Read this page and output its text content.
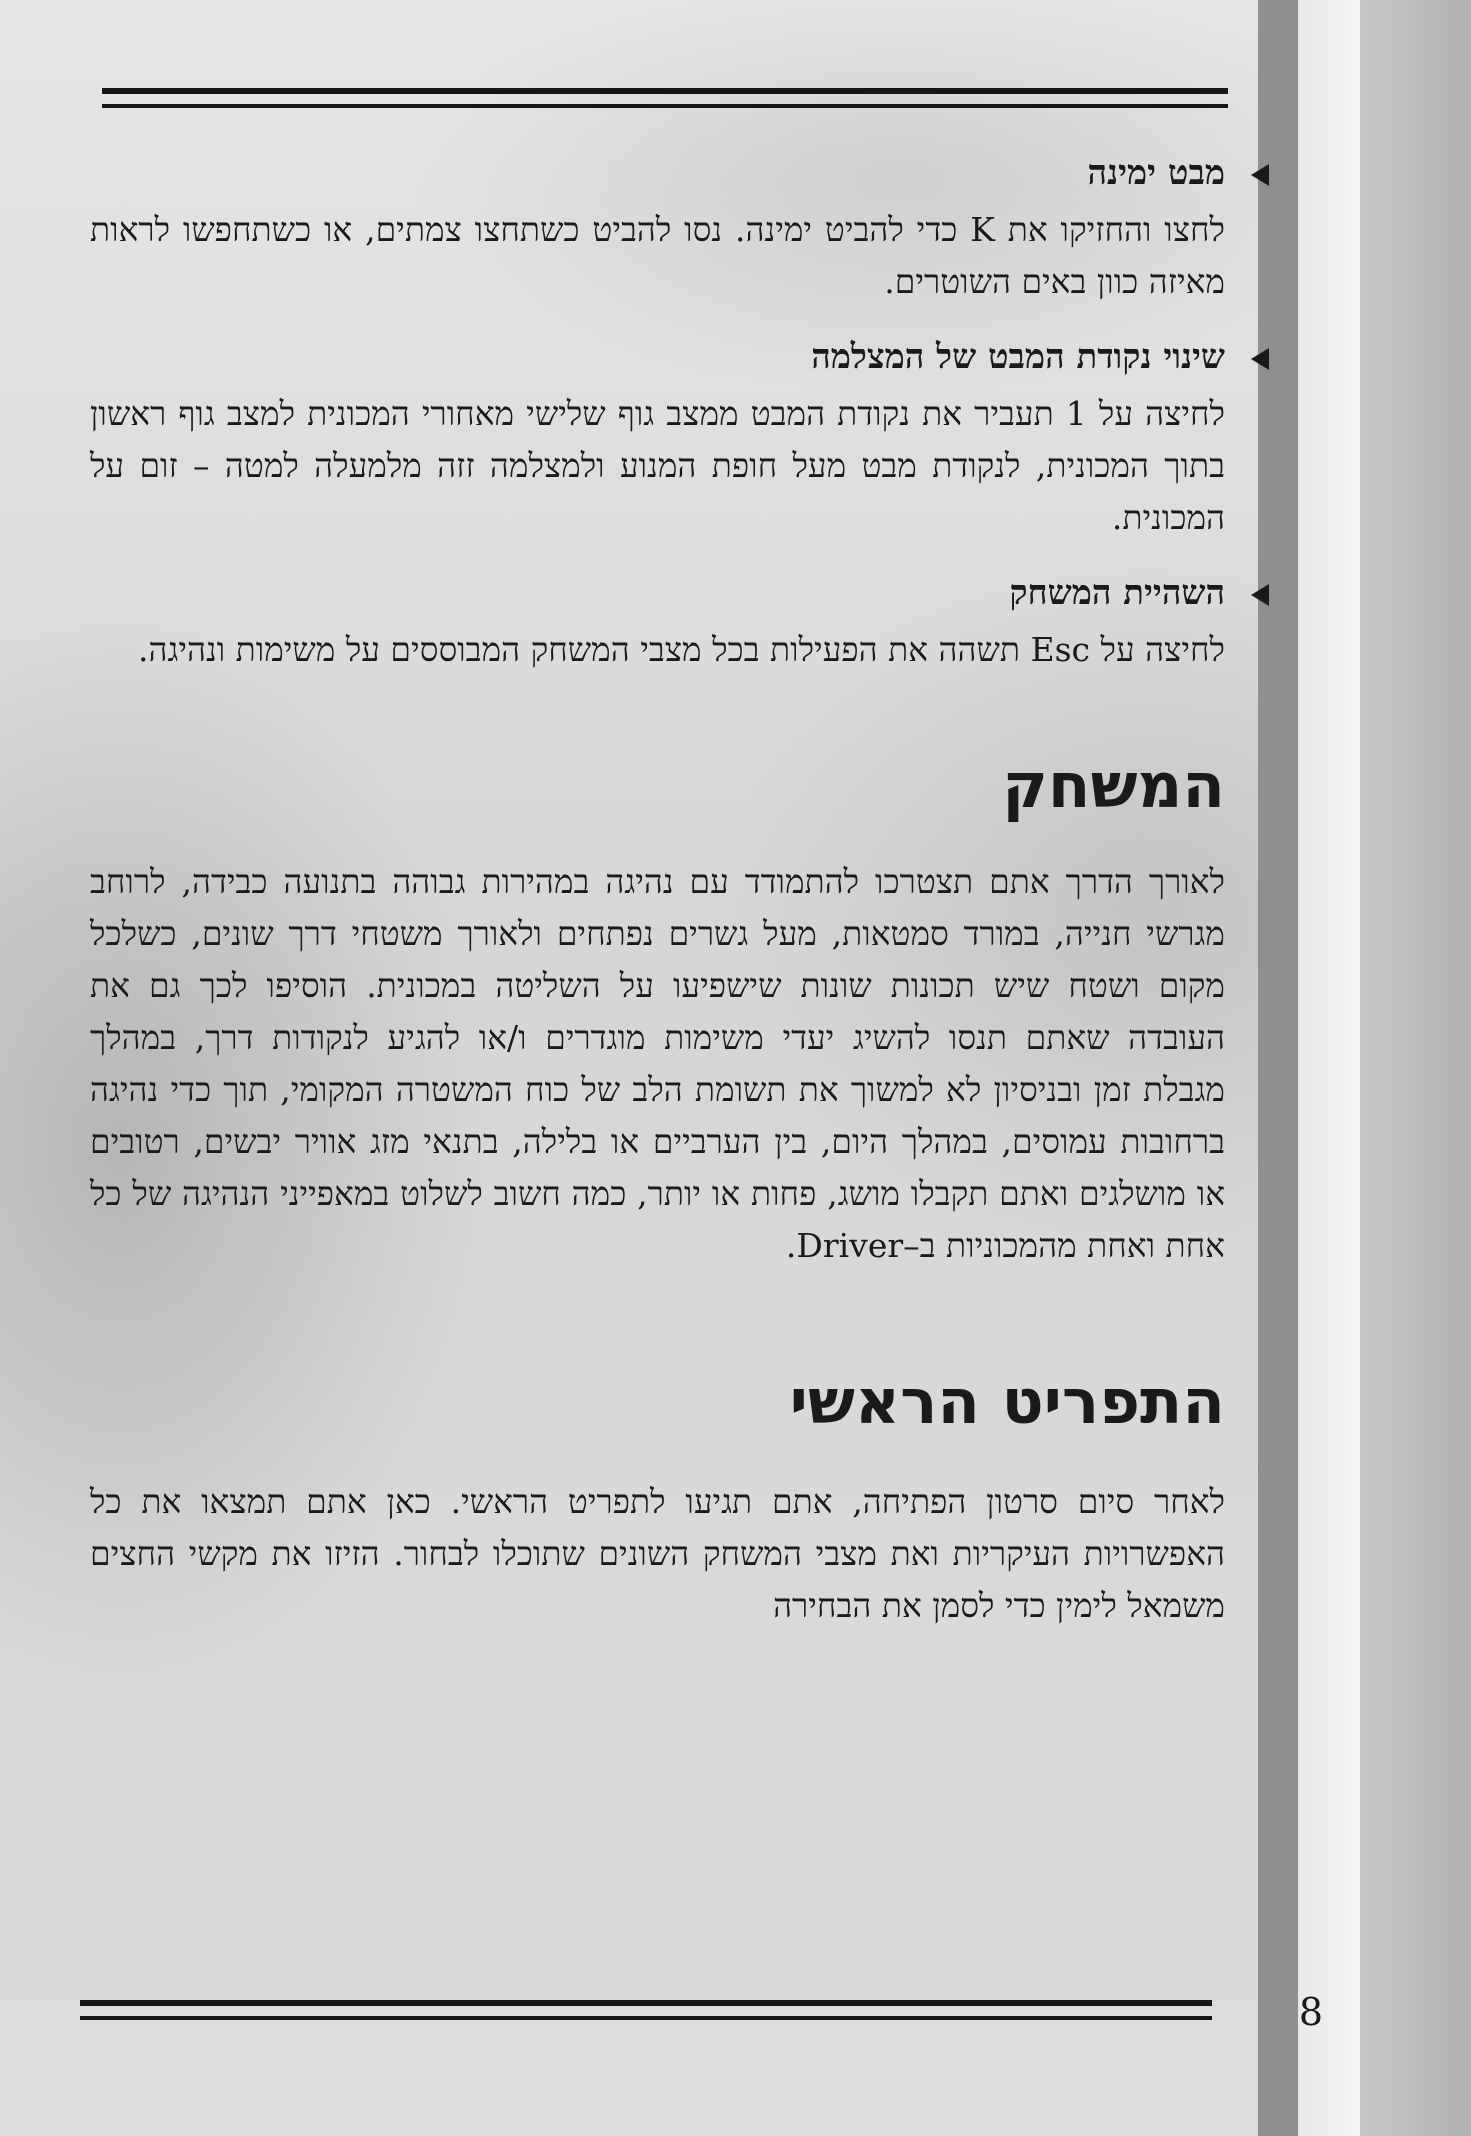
מבט ימינה

לחצו והחזיקו את K כדי להביט ימינה. נסו להביט כשתחצו צמתים, או כשתחפשו לראות מאיזה כוון באים השוטרים.

שינוי נקודת המבט של המצלמה

לחיצה על 1 תעביר את נקודת המבט ממצב גוף שלישי מאחורי המכונית למצב גוף ראשון בתוך המכונית, לנקודת מבט מעל חופת המנוע ולמצלמה זזה מלמעלה למטה – זום על המכונית.

השהיית המשחק

לחיצה על Esc תשהה את הפעילות בכל מצבי המשחק המבוססים על משימות ונהיגה.

המשחק

לאורך הדרך אתם תצטרכו להתמודד עם נהיגה במהירות גבוהה בתנועה כבידה, לרוחב מגרשי חנייה, במורד סמטאות, מעל גשרים נפתחים ולאורך משטחי דרך שונים, כשלכל מקום ושטח שיש תכונות שונות שישפיעו על השליטה במכונית. הוסיפו לכך גם את העובדה שאתם תנסו להשיג יעדי משימות מוגדרים ו/או להגיע לנקודות דרך, במהלך מגבלת זמן ובניסיון לא למשוך את תשומת הלב של כוח המשטרה המקומי, תוך כדי נהיגה ברחובות עמוסים, במהלך היום, בין הערביים או בלילה, בתנאי מזג אוויר יבשים, רטובים או מושלגים ואתם תקבלו מושג, פחות או יותר, כמה חשוב לשלוט במאפייני הנהיגה של כל אחת ואחת מהמכוניות ב–Driver.

התפריט הראשי

לאחר סיום סרטון הפתיחה, אתם תגיעו לתפריט הראשי. כאן אתם תמצאו את כל האפשרויות העיקריות ואת מצבי המשחק השונים שתוכלו לבחור. הזיזו את מקשי החצים משמאל לימין כדי לסמן את הבחירה

8
